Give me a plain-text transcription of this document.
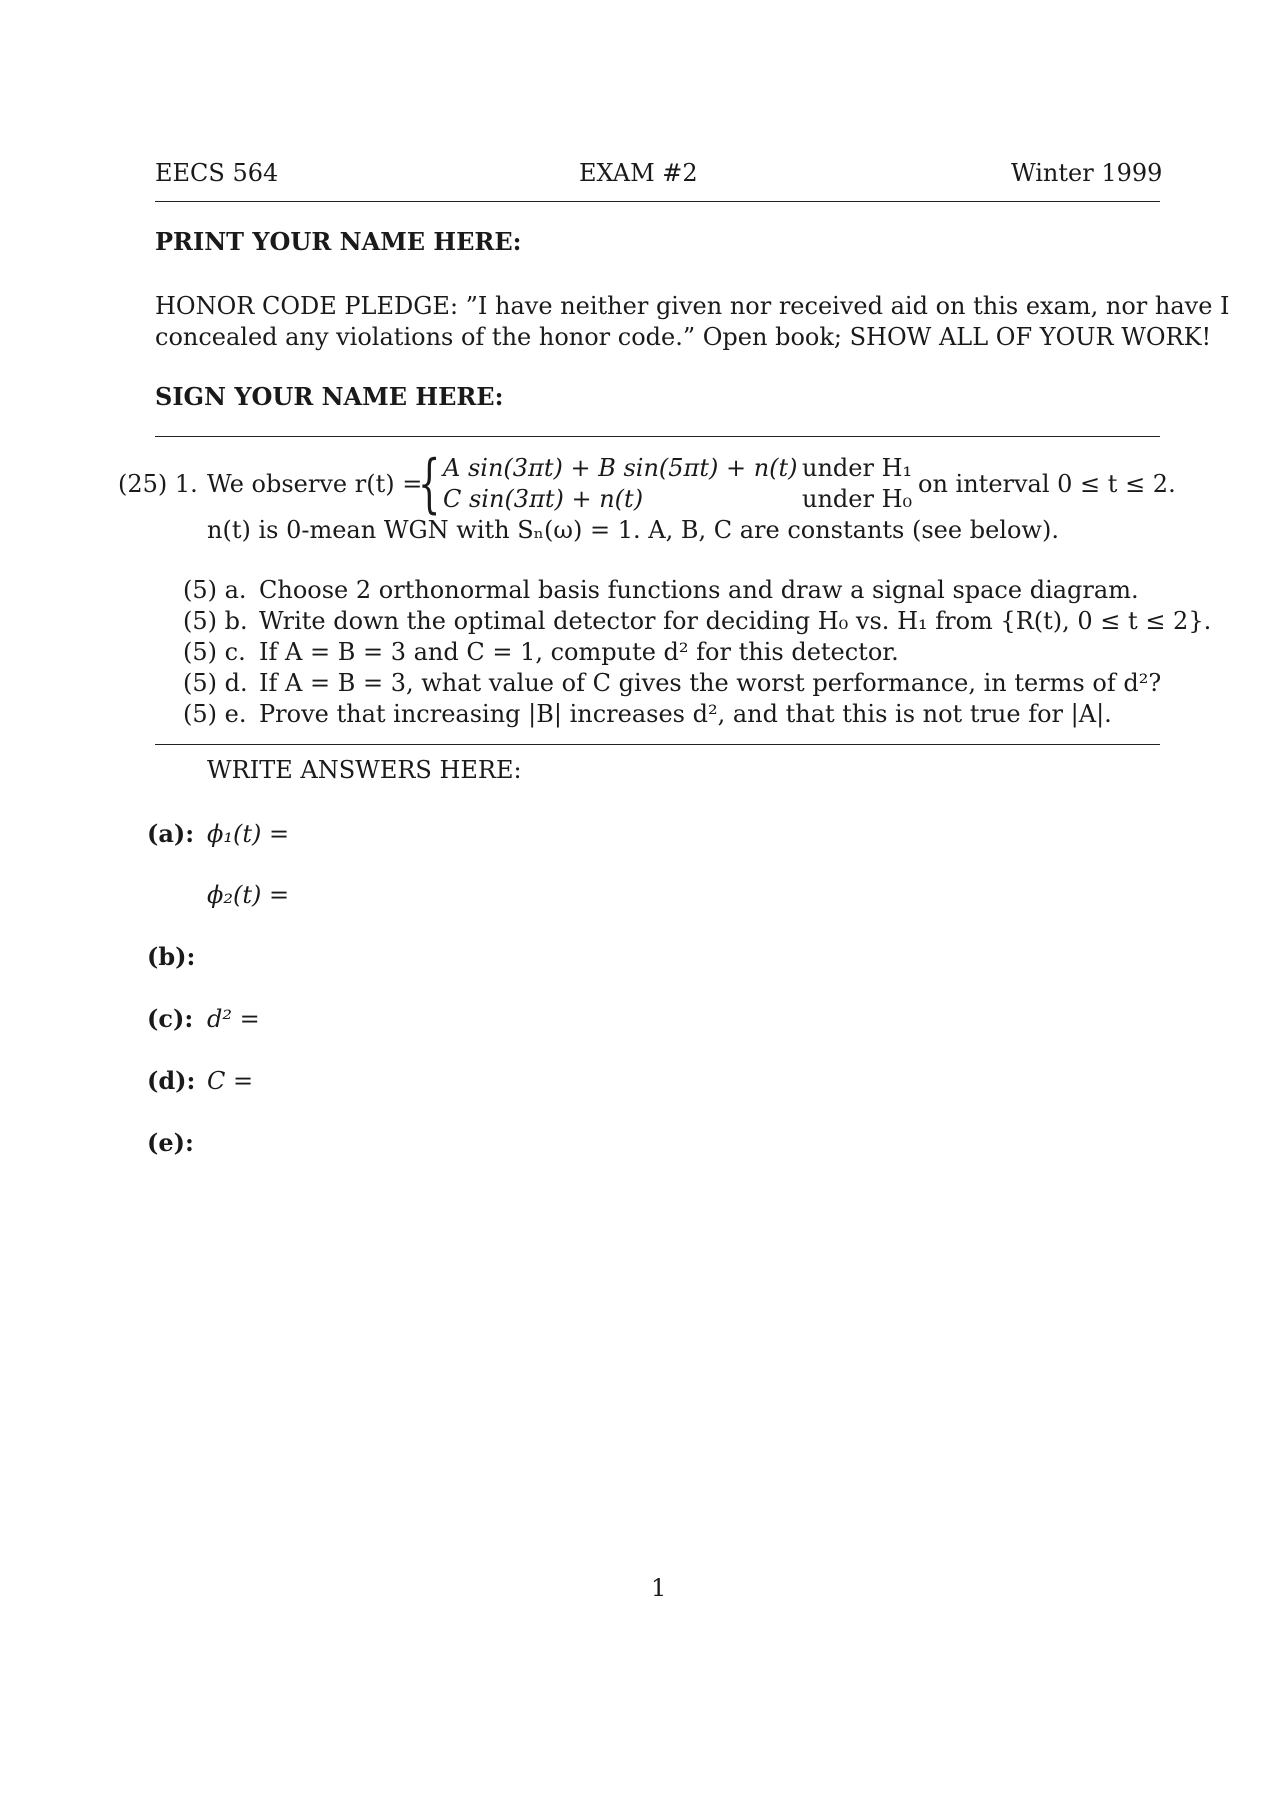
EECS 564	EXAM #2	Winter 1999
PRINT YOUR NAME HERE:
HONOR CODE PLEDGE: ”I have neither given nor received aid on this exam, nor have I
concealed any violations of the honor code.” Open book; SHOW ALL OF YOUR WORK!
SIGN YOUR NAME HERE:
(25) 1. We observe r(t) =
{ A sin(3πt) + B sin(5πt) + n(t) under H₁
C sin(3πt) + n(t)	under H₀
on interval 0 ≤ t ≤ 2.
n(t) is 0-mean WGN with Sₙ(ω) = 1. A, B, C are constants (see below).
(5) a. Choose 2 orthonormal basis functions and draw a signal space diagram.
(5) b. Write down the optimal detector for deciding H₀ vs. H₁ from {R(t), 0 ≤ t ≤ 2}.
(5) c. If A = B = 3 and C = 1, compute d² for this detector.
(5) d. If A = B = 3, what value of C gives the worst performance, in terms of d²?
(5) e. Prove that increasing |B| increases d², and that this is not true for |A|.
WRITE ANSWERS HERE:
(a): ϕ₁(t) =
ϕ₂(t) =
(b):
(c): d² =
(d): C =
(e):
1
